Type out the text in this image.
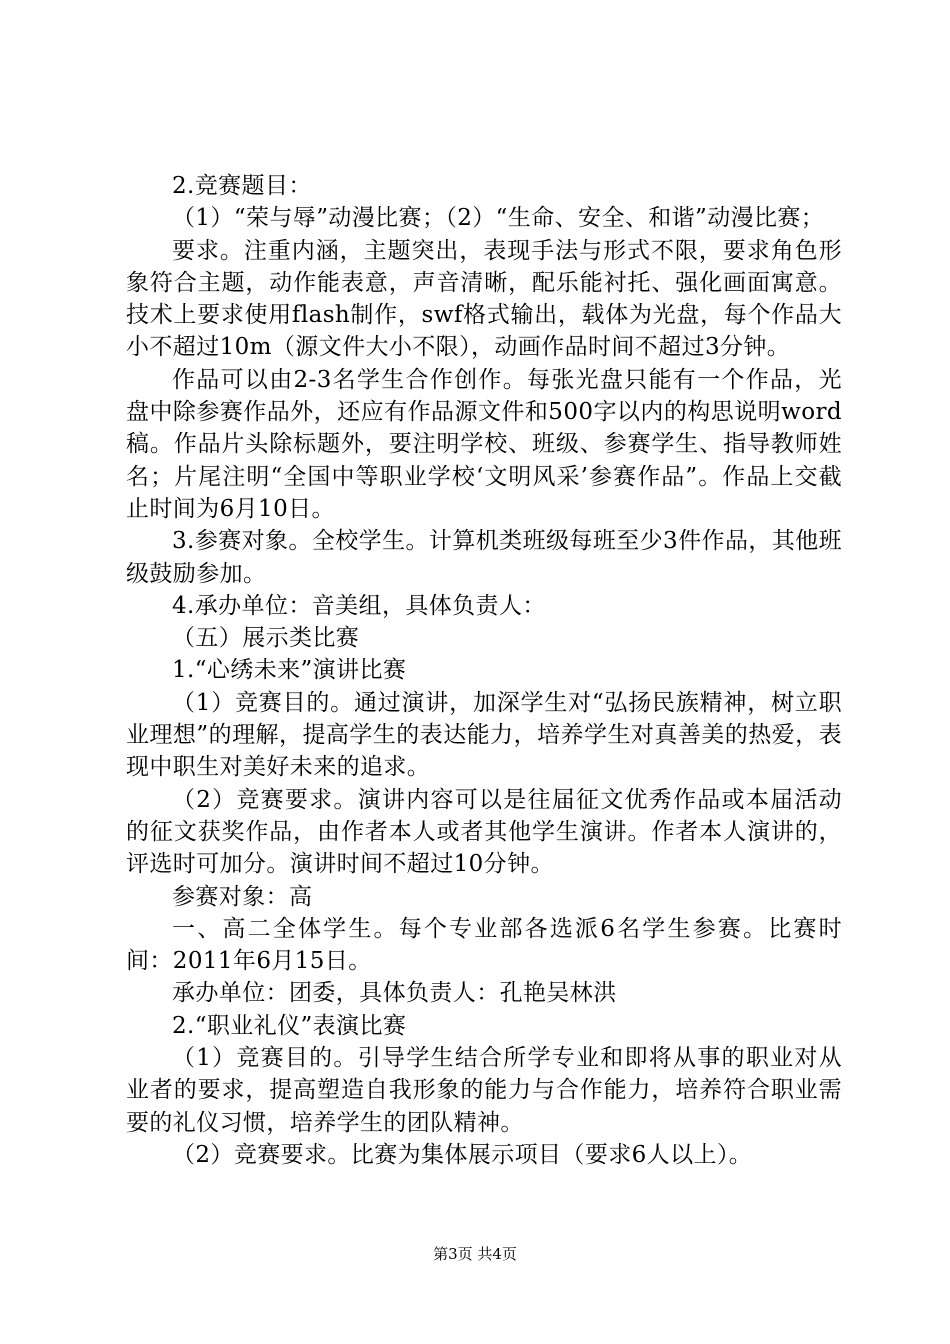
2.竞赛题目：

（1）“荣与辱”动漫比赛；（2）“生命、安全、和谐”动漫比赛；

要求。注重内涵，主题突出，表现手法与形式不限，要求角色形象符合主题，动作能表意，声音清晰，配乐能衬托、强化画面寓意。技术上要求使用flash制作，swf格式输出，载体为光盘，每个作品大小不超过10m（源文件大小不限），动画作品时间不超过3分钟。

作品可以由2-3名学生合作创作。每张光盘只能有一个作品，光盘中除参赛作品外，还应有作品源文件和500字以内的构思说明word稿。作品片头除标题外，要注明学校、班级、参赛学生、指导教师姓名；片尾注明“全国中等职业学校‘文明风采’参赛作品”。作品上交截止时间为6月10日。

3.参赛对象。全校学生。计算机类班级每班至少3件作品，其他班级鼓励参加。

4.承办单位：音美组，具体负责人：

（五）展示类比赛

1.“心绣未来”演讲比赛

（1）竞赛目的。通过演讲，加深学生对“弘扬民族精神，树立职业理想”的理解，提高学生的表达能力，培养学生对真善美的热爱，表现中职生对美好未来的追求。

（2）竞赛要求。演讲内容可以是往届征文优秀作品或本届活动的征文获奖作品，由作者本人或者其他学生演讲。作者本人演讲的，评选时可加分。演讲时间不超过10分钟。

参赛对象：高

一、高二全体学生。每个专业部各选派6名学生参赛。比赛时间：2011年6月15日。

承办单位：团委，具体负责人：孔艳吴林洪

2.“职业礼仪”表演比赛

（1）竞赛目的。引导学生结合所学专业和即将从事的职业对从业者的要求，提高塑造自我形象的能力与合作能力，培养符合职业需要的礼仪习惯，培养学生的团队精神。

（2）竞赛要求。比赛为集体展示项目（要求6人以上）。

第3页 共4页
